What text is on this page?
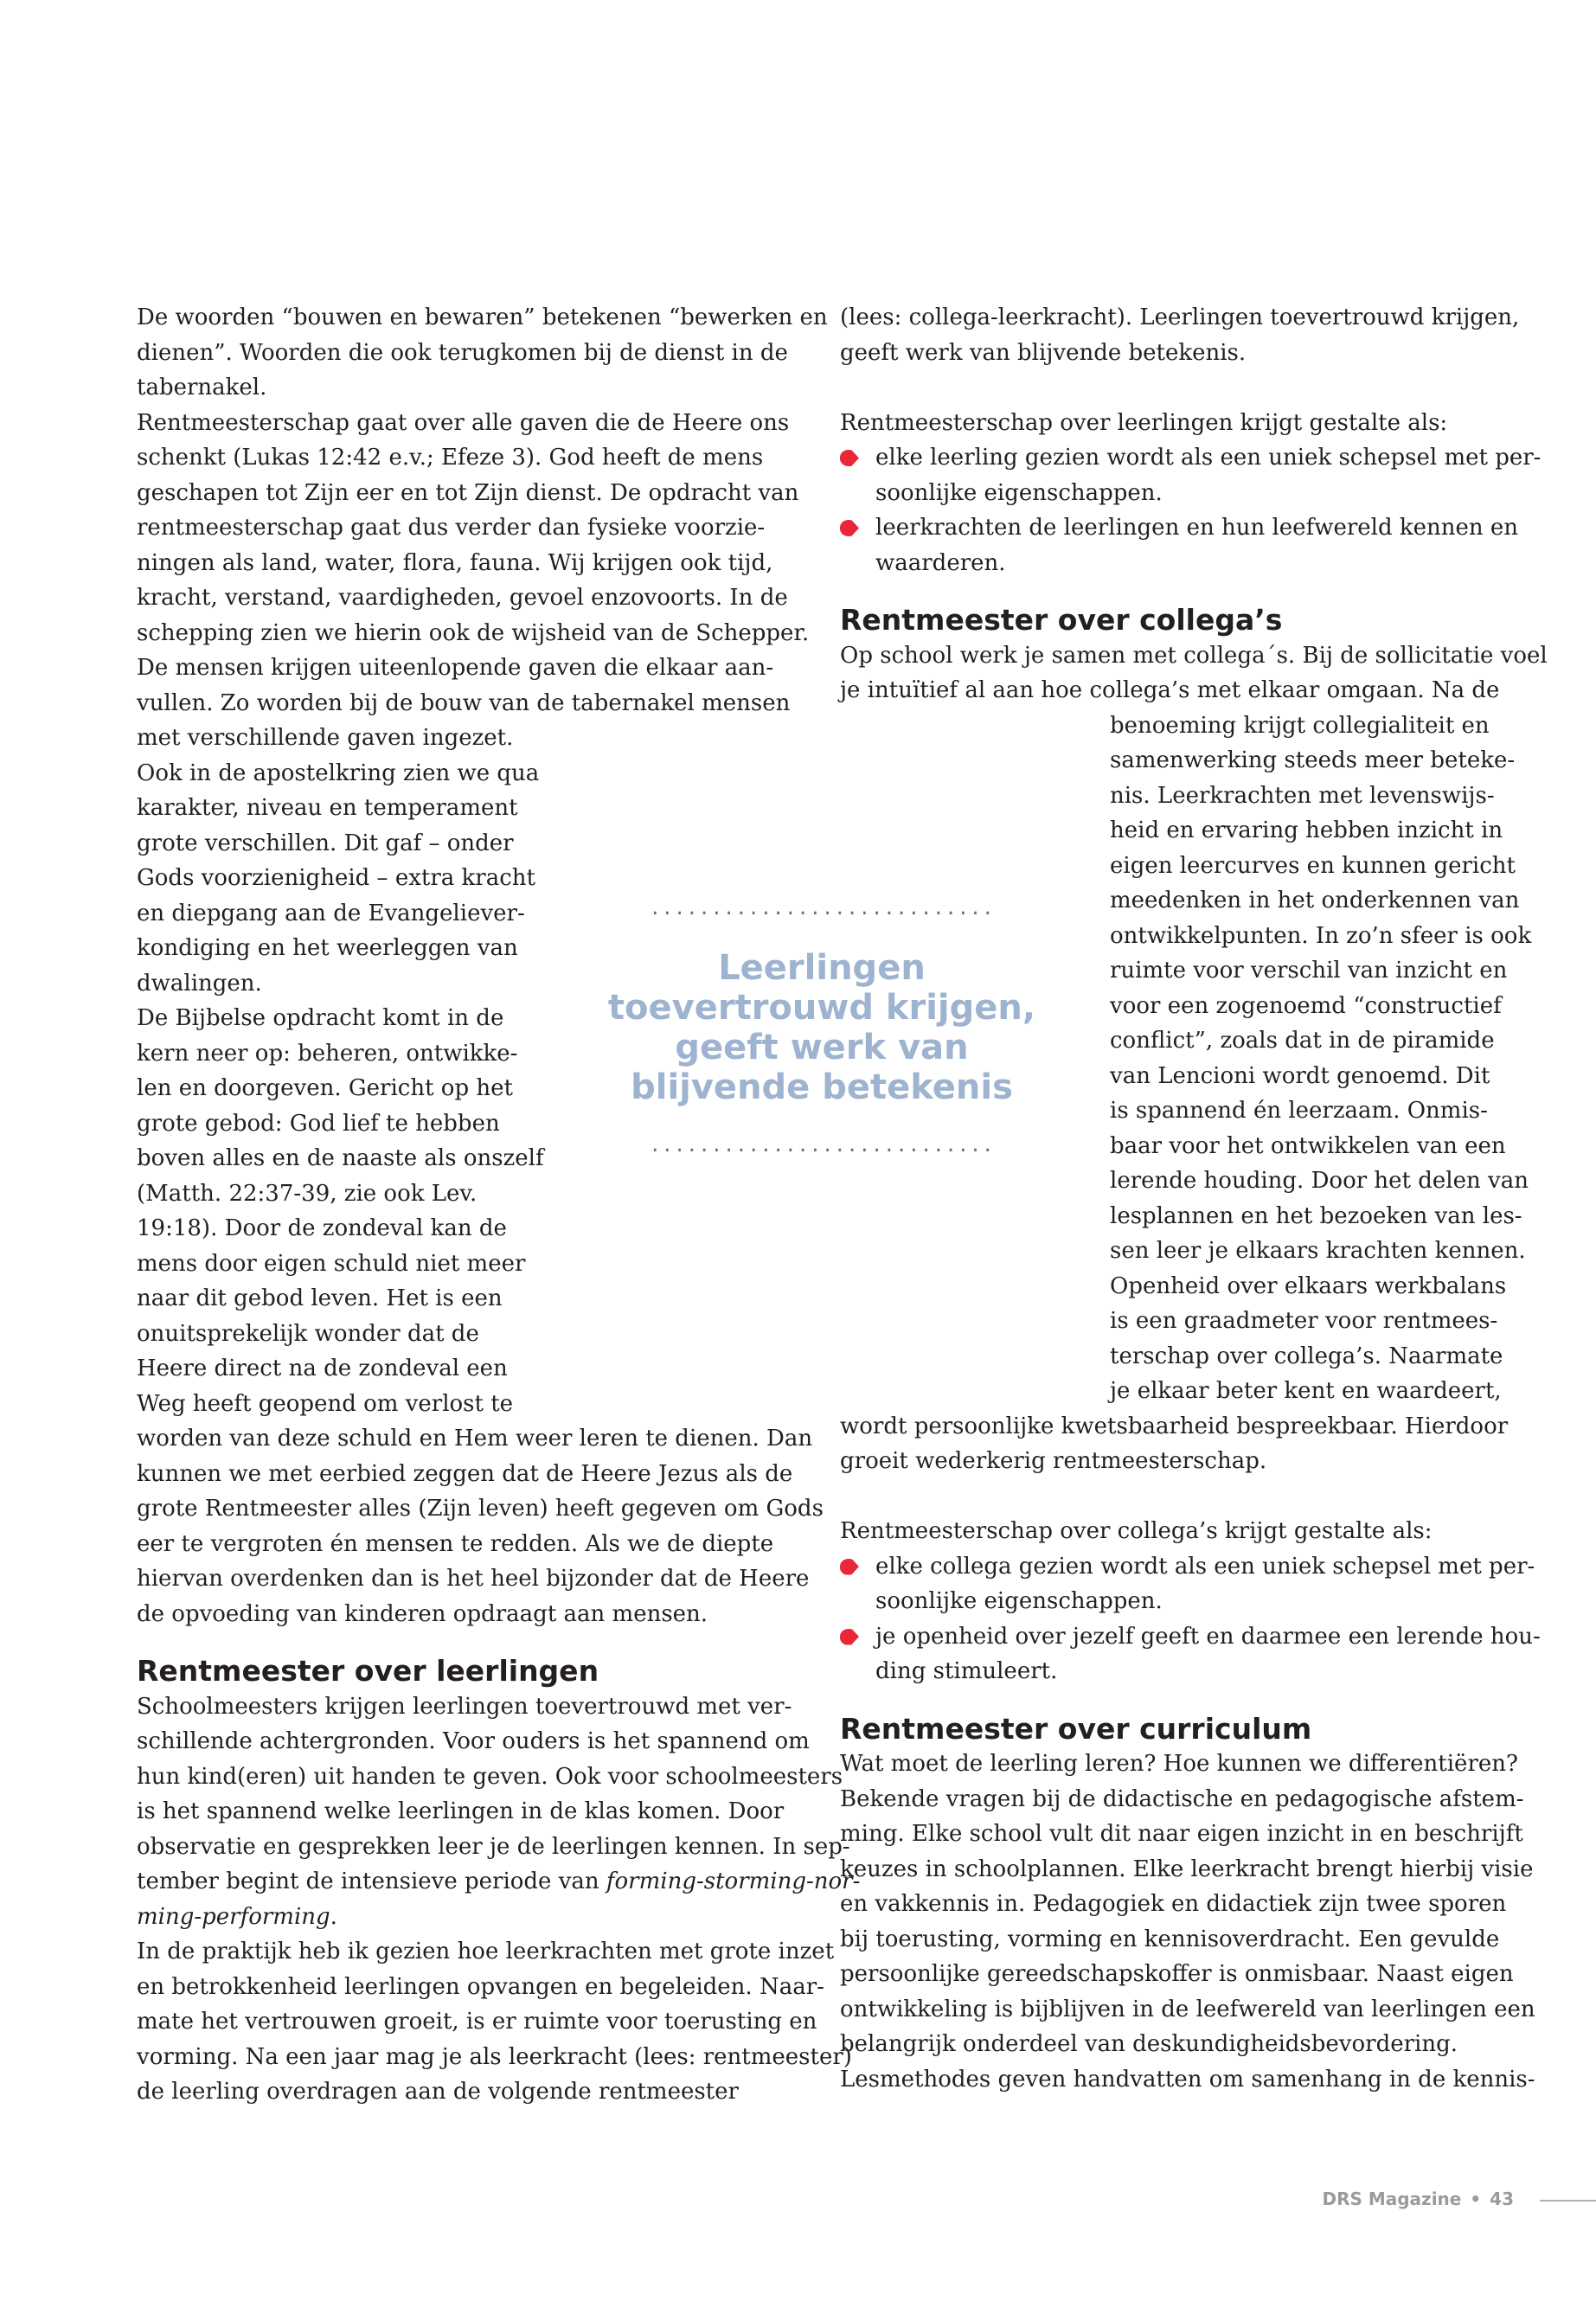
De woorden “bouwen en bewaren” betekenen “bewerken en
dienen”. Woorden die ook terugkomen bij de dienst in de
tabernakel.
Rentmeesterschap gaat over alle gaven die de Heere ons
schenkt (Lukas 12:42 e.v.; Efeze 3). God heeft de mens
geschapen tot Zijn eer en tot Zijn dienst. De opdracht van
rentmeesterschap gaat dus verder dan fysieke voorzie-
ningen als land, water, flora, fauna. Wij krijgen ook tijd,
kracht, verstand, vaardigheden, gevoel enzovoorts. In de
schepping zien we hierin ook de wijsheid van de Schepper.
De mensen krijgen uiteenlopende gaven die elkaar aan-
vullen. Zo worden bij de bouw van de tabernakel mensen
met verschillende gaven ingezet.
Ook in de apostelkring zien we qua
karakter, niveau en temperament
grote verschillen. Dit gaf – onder
Gods voorzienigheid – extra kracht
en diepgang aan de Evangeliever-
kondiging en het weerleggen van
dwalingen.
De Bijbelse opdracht komt in de
kern neer op: beheren, ontwikke-
len en doorgeven. Gericht op het
grote gebod: God lief te hebben
boven alles en de naaste als onszelf
(Matth. 22:37-39, zie ook Lev.
19:18). Door de zondeval kan de
mens door eigen schuld niet meer
naar dit gebod leven. Het is een
onuitsprekelijk wonder dat de
Heere direct na de zondeval een
Weg heeft geopend om verlost te
worden van deze schuld en Hem weer leren te dienen. Dan
kunnen we met eerbied zeggen dat de Heere Jezus als de
grote Rentmeester alles (Zijn leven) heeft gegeven om Gods
eer te vergroten én mensen te redden. Als we de diepte
hiervan overdenken dan is het heel bijzonder dat de Heere
de opvoeding van kinderen opdraagt aan mensen.
Rentmeester over leerlingen
Schoolmeesters krijgen leerlingen toevertrouwd met ver-
schillende achtergronden. Voor ouders is het spannend om
hun kind(eren) uit handen te geven. Ook voor schoolmeesters
is het spannend welke leerlingen in de klas komen. Door
observatie en gesprekken leer je de leerlingen kennen. In sep-
tember begint de intensieve periode van forming-storming-nor-
ming-performing.
In de praktijk heb ik gezien hoe leerkrachten met grote inzet
en betrokkenheid leerlingen opvangen en begeleiden. Naar-
mate het vertrouwen groeit, is er ruimte voor toerusting en
vorming. Na een jaar mag je als leerkracht (lees: rentmeester)
de leerling overdragen aan de volgende rentmeester
(lees: collega-leerkracht). Leerlingen toevertrouwd krijgen,
geeft werk van blijvende betekenis.
Rentmeesterschap over leerlingen krijgt gestalte als:
elke leerling gezien wordt als een uniek schepsel met per-
soonlijke eigenschappen.
leerkrachten de leerlingen en hun leefwereld kennen en
waarderen.
Rentmeester over collega’s
Op school werk je samen met collega´s. Bij de sollicitatie voel
je intuïtief al aan hoe collega’s met elkaar omgaan. Na de
benoeming krijgt collegialiteit en
samenwerking steeds meer beteke-
nis. Leerkrachten met levenswijs-
heid en ervaring hebben inzicht in
eigen leercurves en kunnen gericht
meedenken in het onderkennen van
ontwikkelpunten. In zo’n sfeer is ook
ruimte voor verschil van inzicht en
voor een zogenoemd “constructief
conflict”, zoals dat in de piramide
van Lencioni wordt genoemd. Dit
is spannend én leerzaam. Onmis-
baar voor het ontwikkelen van een
lerende houding. Door het delen van
lesplannen en het bezoeken van les-
sen leer je elkaars krachten kennen.
Openheid over elkaars werkbalans
is een graadmeter voor rentmees-
terschap over collega’s. Naarmate
je elkaar beter kent en waardeert,
wordt persoonlijke kwetsbaarheid bespreekbaar. Hierdoor
groeit wederkerig rentmeesterschap.
Rentmeesterschap over collega’s krijgt gestalte als:
elke collega gezien wordt als een uniek schepsel met per-
soonlijke eigenschappen.
je openheid over jezelf geeft en daarmee een lerende hou-
ding stimuleert.
Rentmeester over curriculum
Wat moet de leerling leren? Hoe kunnen we differentiëren?
Bekende vragen bij de didactische en pedagogische afstem-
ming. Elke school vult dit naar eigen inzicht in en beschrijft
keuzes in schoolplannen. Elke leerkracht brengt hierbij visie
en vakkennis in. Pedagogiek en didactiek zijn twee sporen
bij toerusting, vorming en kennisoverdracht. Een gevulde
persoonlijke gereedschapskoffer is onmisbaar. Naast eigen
ontwikkeling is bijblijven in de leefwereld van leerlingen een
belangrijk onderdeel van deskundigheidsbevordering.
Lesmethodes geven handvatten om samenhang in de kennis-
............................
Leerlingen
toevertrouwd krijgen,
geeft werk van
blijvende betekenis
............................
DRS Magazine • 43
